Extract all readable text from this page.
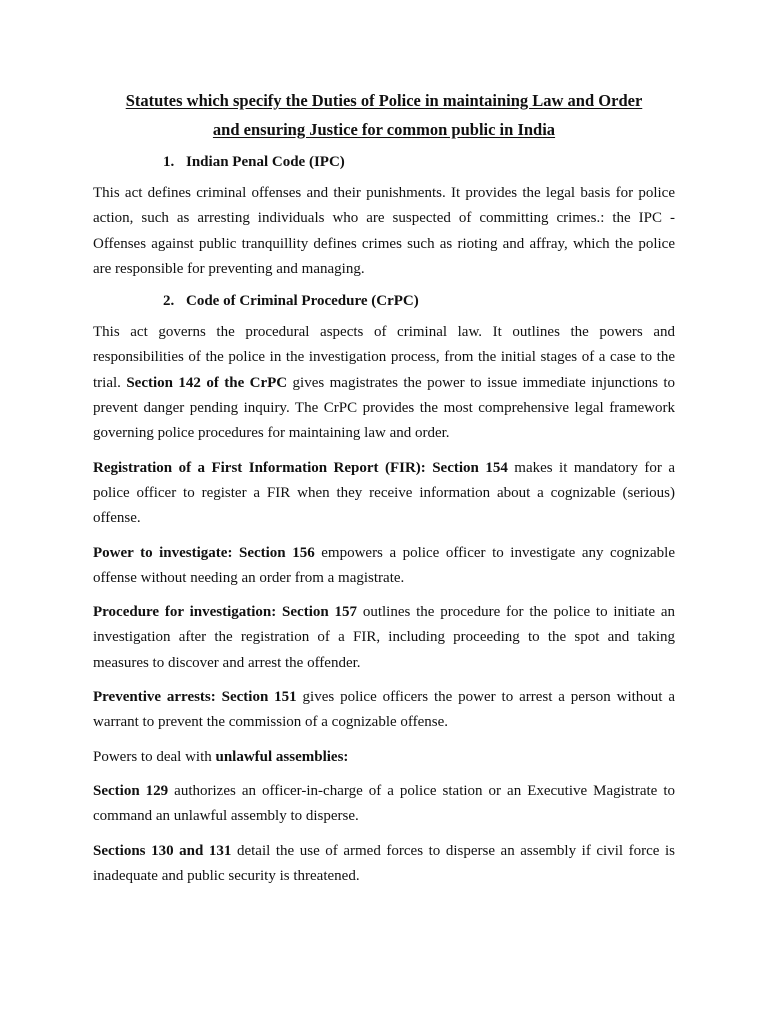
Statutes which specify the Duties of Police in maintaining Law and Order
and ensuring Justice for common public in India
1. Indian Penal Code (IPC)

This act defines criminal offenses and their punishments. It provides the legal basis for police action, such as arresting individuals who are suspected of committing crimes.: the IPC - Offenses against public tranquillity defines crimes such as rioting and affray, which the police are responsible for preventing and managing.

2. Code of Criminal Procedure (CrPC)

This act governs the procedural aspects of criminal law. It outlines the powers and responsibilities of the police in the investigation process, from the initial stages of a case to the trial. Section 142 of the CrPC gives magistrates the power to issue immediate injunctions to prevent danger pending inquiry. The CrPC provides the most comprehensive legal framework governing police procedures for maintaining law and order.

Registration of a First Information Report (FIR): Section 154 makes it mandatory for a police officer to register a FIR when they receive information about a cognizable (serious) offense.

Power to investigate: Section 156 empowers a police officer to investigate any cognizable offense without needing an order from a magistrate.

Procedure for investigation: Section 157 outlines the procedure for the police to initiate an investigation after the registration of a FIR, including proceeding to the spot and taking measures to discover and arrest the offender.

Preventive arrests: Section 151 gives police officers the power to arrest a person without a warrant to prevent the commission of a cognizable offense.

Powers to deal with unlawful assemblies:

Section 129 authorizes an officer-in-charge of a police station or an Executive Magistrate to command an unlawful assembly to disperse.

Sections 130 and 131 detail the use of armed forces to disperse an assembly if civil force is inadequate and public security is threatened.
